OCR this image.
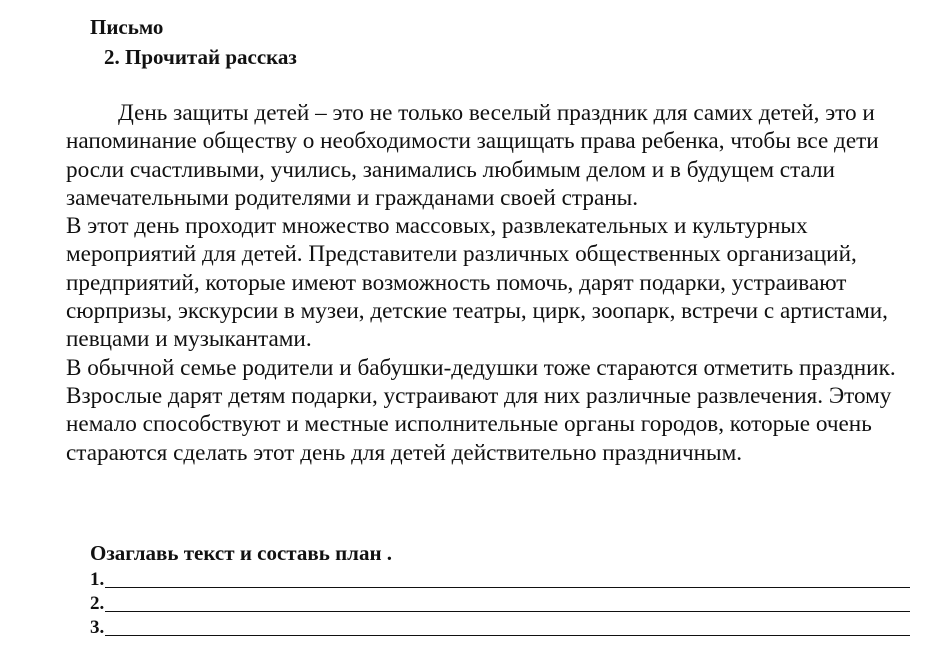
Письмо
2. Прочитай рассказ

День защиты детей – это не только веселый праздник для самих детей, это и напоминание обществу о необходимости защищать права ребенка, чтобы все дети росли счастливыми, учились, занимались любимым делом и в будущем стали замечательными родителями и гражданами своей страны.

В этот день проходит множество массовых, развлекательных и культурных мероприятий для детей. Представители различных общественных организаций, предприятий, которые имеют возможность помочь, дарят подарки, устраивают сюрпризы, экскурсии в музеи, детские театры, цирк, зоопарк, встречи с артистами, певцами и музыкантами.

В обычной семье родители и бабушки-дедушки тоже стараются отметить праздник. Взрослые дарят детям подарки, устраивают для них различные развлечения. Этому немало способствуют и местные исполнительные органы городов, которые очень стараются сделать этот день для детей действительно праздничным.

Озаглавь текст и составь план .
1.
2.
3.
